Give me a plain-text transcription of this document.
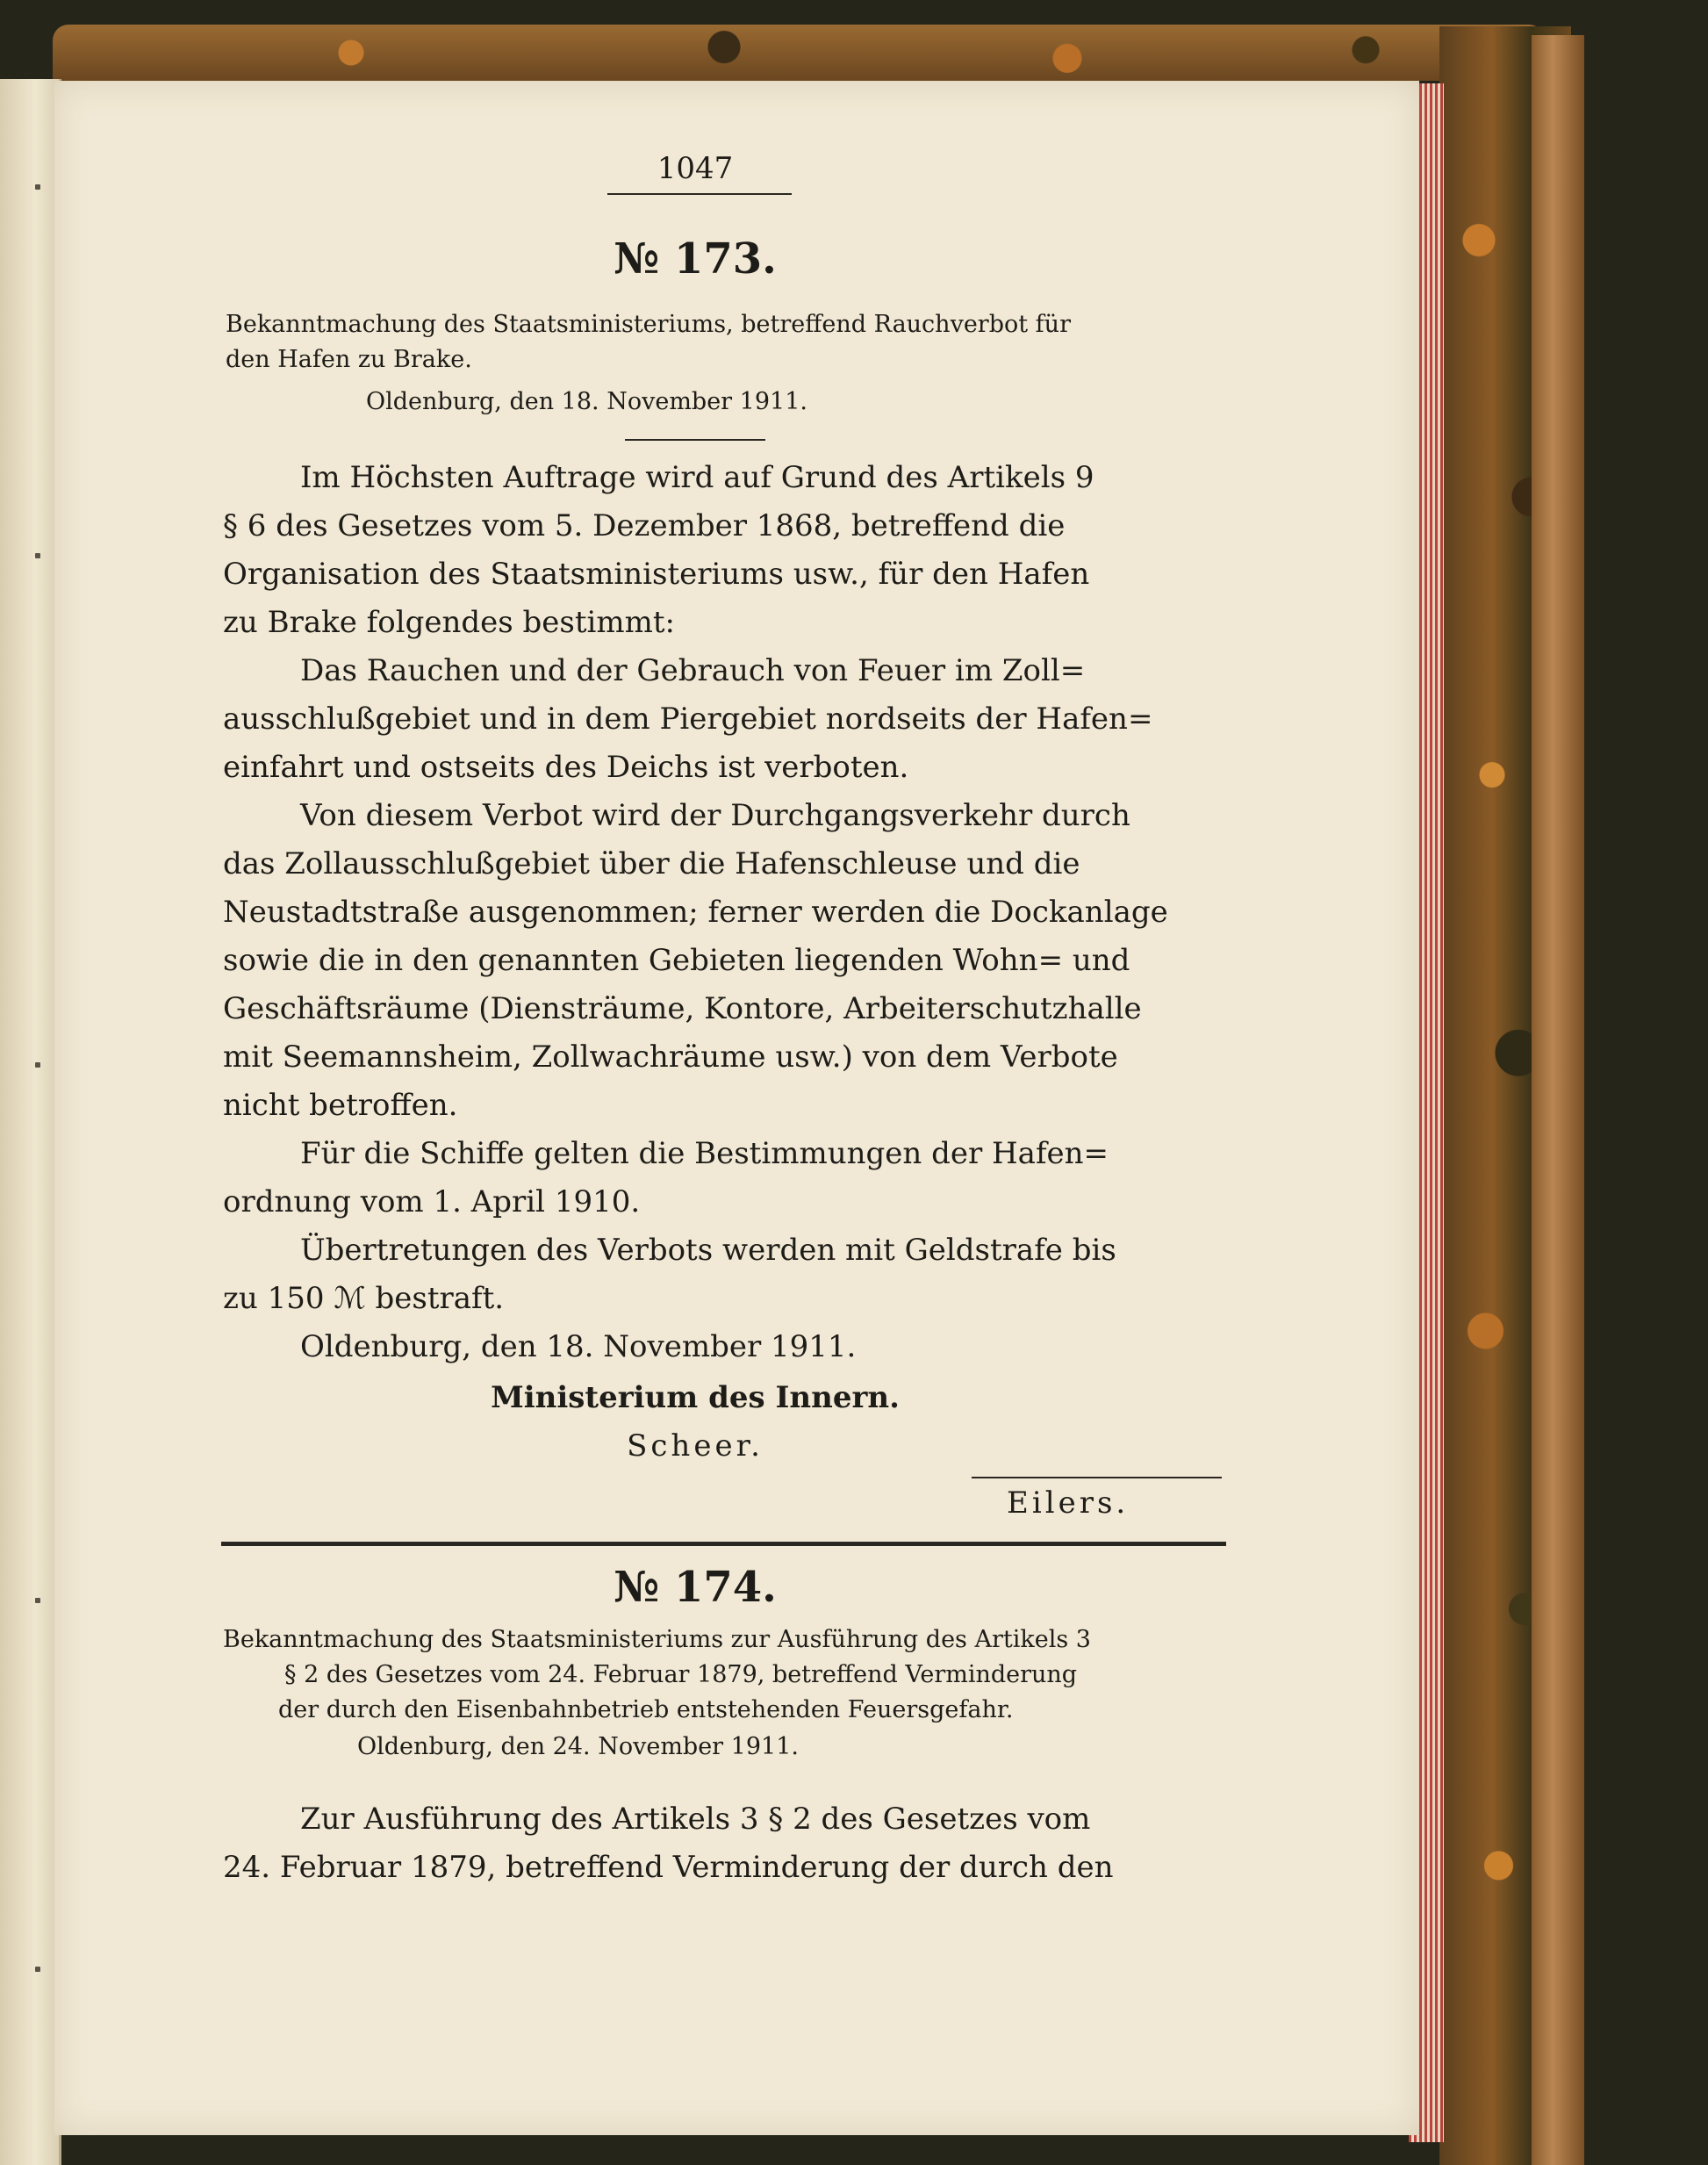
1047
№ 173.
Bekanntmachung des Staatsministeriums, betreffend Rauchverbot für
den Hafen zu Brake.
Oldenburg, den 18. November 1911.
Im Höchsten Auftrage wird auf Grund des Artikels 9
§ 6 des Gesetzes vom 5. Dezember 1868, betreffend die
Organisation des Staatsministeriums usw., für den Hafen
zu Brake folgendes bestimmt:
Das Rauchen und der Gebrauch von Feuer im Zoll=
ausschlußgebiet und in dem Piergebiet nordseits der Hafen=
einfahrt und ostseits des Deichs ist verboten.
Von diesem Verbot wird der Durchgangsverkehr durch
das Zollausschlußgebiet über die Hafenschleuse und die
Neustadtstraße ausgenommen; ferner werden die Dockanlage
sowie die in den genannten Gebieten liegenden Wohn= und
Geschäftsräume (Diensträume, Kontore, Arbeiterschutzhalle
mit Seemannsheim, Zollwachräume usw.) von dem Verbote
nicht betroffen.
Für die Schiffe gelten die Bestimmungen der Hafen=
ordnung vom 1. April 1910.
Übertretungen des Verbots werden mit Geldstrafe bis
zu 150 ℳ bestraft.
Oldenburg, den 18. November 1911.
Ministerium des Innern.
Scheer.
Eilers.
№ 174.
Bekanntmachung des Staatsministeriums zur Ausführung des Artikels 3
§ 2 des Gesetzes vom 24. Februar 1879, betreffend Verminderung
der durch den Eisenbahnbetrieb entstehenden Feuersgefahr.
Oldenburg, den 24. November 1911.
Zur Ausführung des Artikels 3 § 2 des Gesetzes vom
24. Februar 1879, betreffend Verminderung der durch den
